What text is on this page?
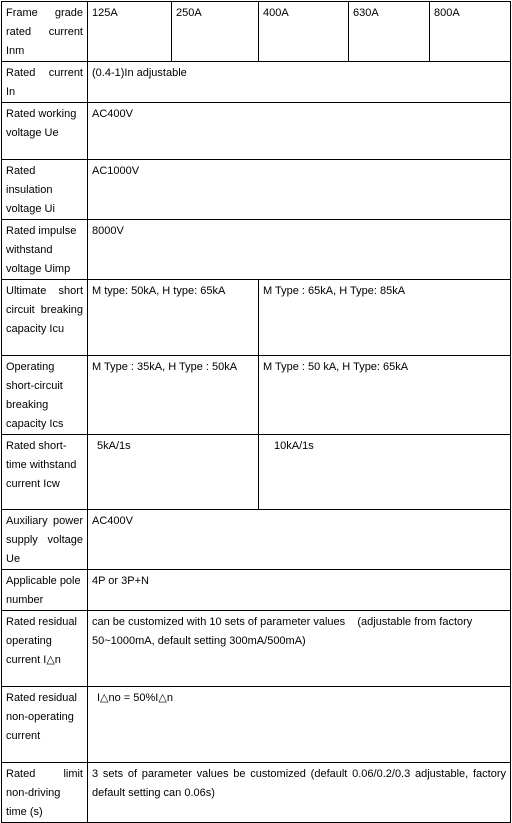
Frame grade rated current Inm	125A	250A	400A	630A	800A
Rated current In	(0.4-1)In adjustable				
Rated working voltage Ue	AC400V				
Rated insulation voltage Ui	AC1000V				
Rated impulse withstand voltage Uimp	8000V				
Ultimate short circuit breaking capacity Icu	M type: 50kA, H type: 65kA		M Type : 65kA, H Type: 85kA		
Operating short-circuit breaking capacity Ics	M Type : 35kA, H Type : 50kA		M Type : 50 kA, H Type: 65kA		
Rated short-time withstand current Icw	5kA/1s		10kA/1s		
Auxiliary power supply voltage Ue	AC400V				
Applicable pole number	4P or 3P+N				
Rated residual operating current I△n	can be customized with 10 sets of parameter values    (adjustable from factory 50~1000mA, default setting 300mA/500mA)				
Rated residual non-operating current	I△no = 50%I△n				
Rated limit non-driving time (s)	3 sets of parameter values be customized (default 0.06/0.2/0.3 adjustable, factory default setting can 0.06s)				
